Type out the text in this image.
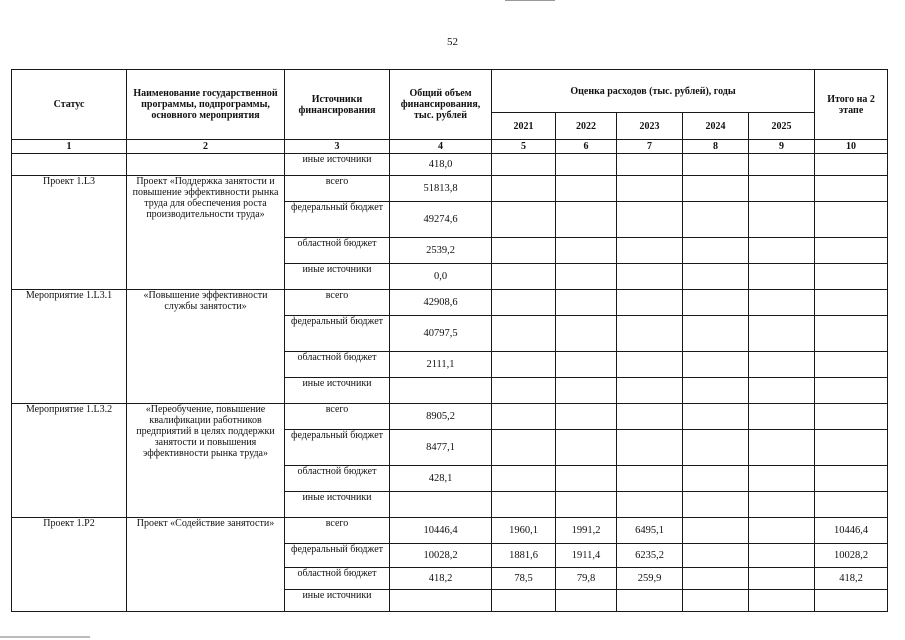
52
Статус	Наименование государственной программы, подпрограммы, основного мероприятия	Источники финансирования	Общий объем финансирования, тыс. рублей	Оценка расходов (тыс. рублей), годы					Итого на 2 этапе
				2021	2022	2023	2024	2025	
1	2	3	4	5	6	7	8	9	10
		иные источники	418,0						
Проект 1.L3	Проект «Поддержка занятости и повышение эффективности рынка труда для обеспечения роста производительности труда»	всего	51813,8						
		федеральный бюджет	49274,6						
		областной бюджет	2539,2						
		иные источники	0,0						
Мероприятие 1.L3.1	«Повышение эффективности службы занятости»	всего	42908,6						
		федеральный бюджет	40797,5						
		областной бюджет	2111,1						
		иные источники							
Мероприятие 1.L3.2	«Переобучение, повышение квалификации работников предприятий в целях поддержки занятости и повышения эффективности рынка труда»	всего	8905,2						
		федеральный бюджет	8477,1						
		областной бюджет	428,1						
		иные источники							
Проект 1.Р2	Проект «Содействие занятости»	всего	10446,4	1960,1	1991,2	6495,1			10446,4
		федеральный бюджет	10028,2	1881,6	1911,4	6235,2			10028,2
		областной бюджет	418,2	78,5	79,8	259,9			418,2
		иные источники							
